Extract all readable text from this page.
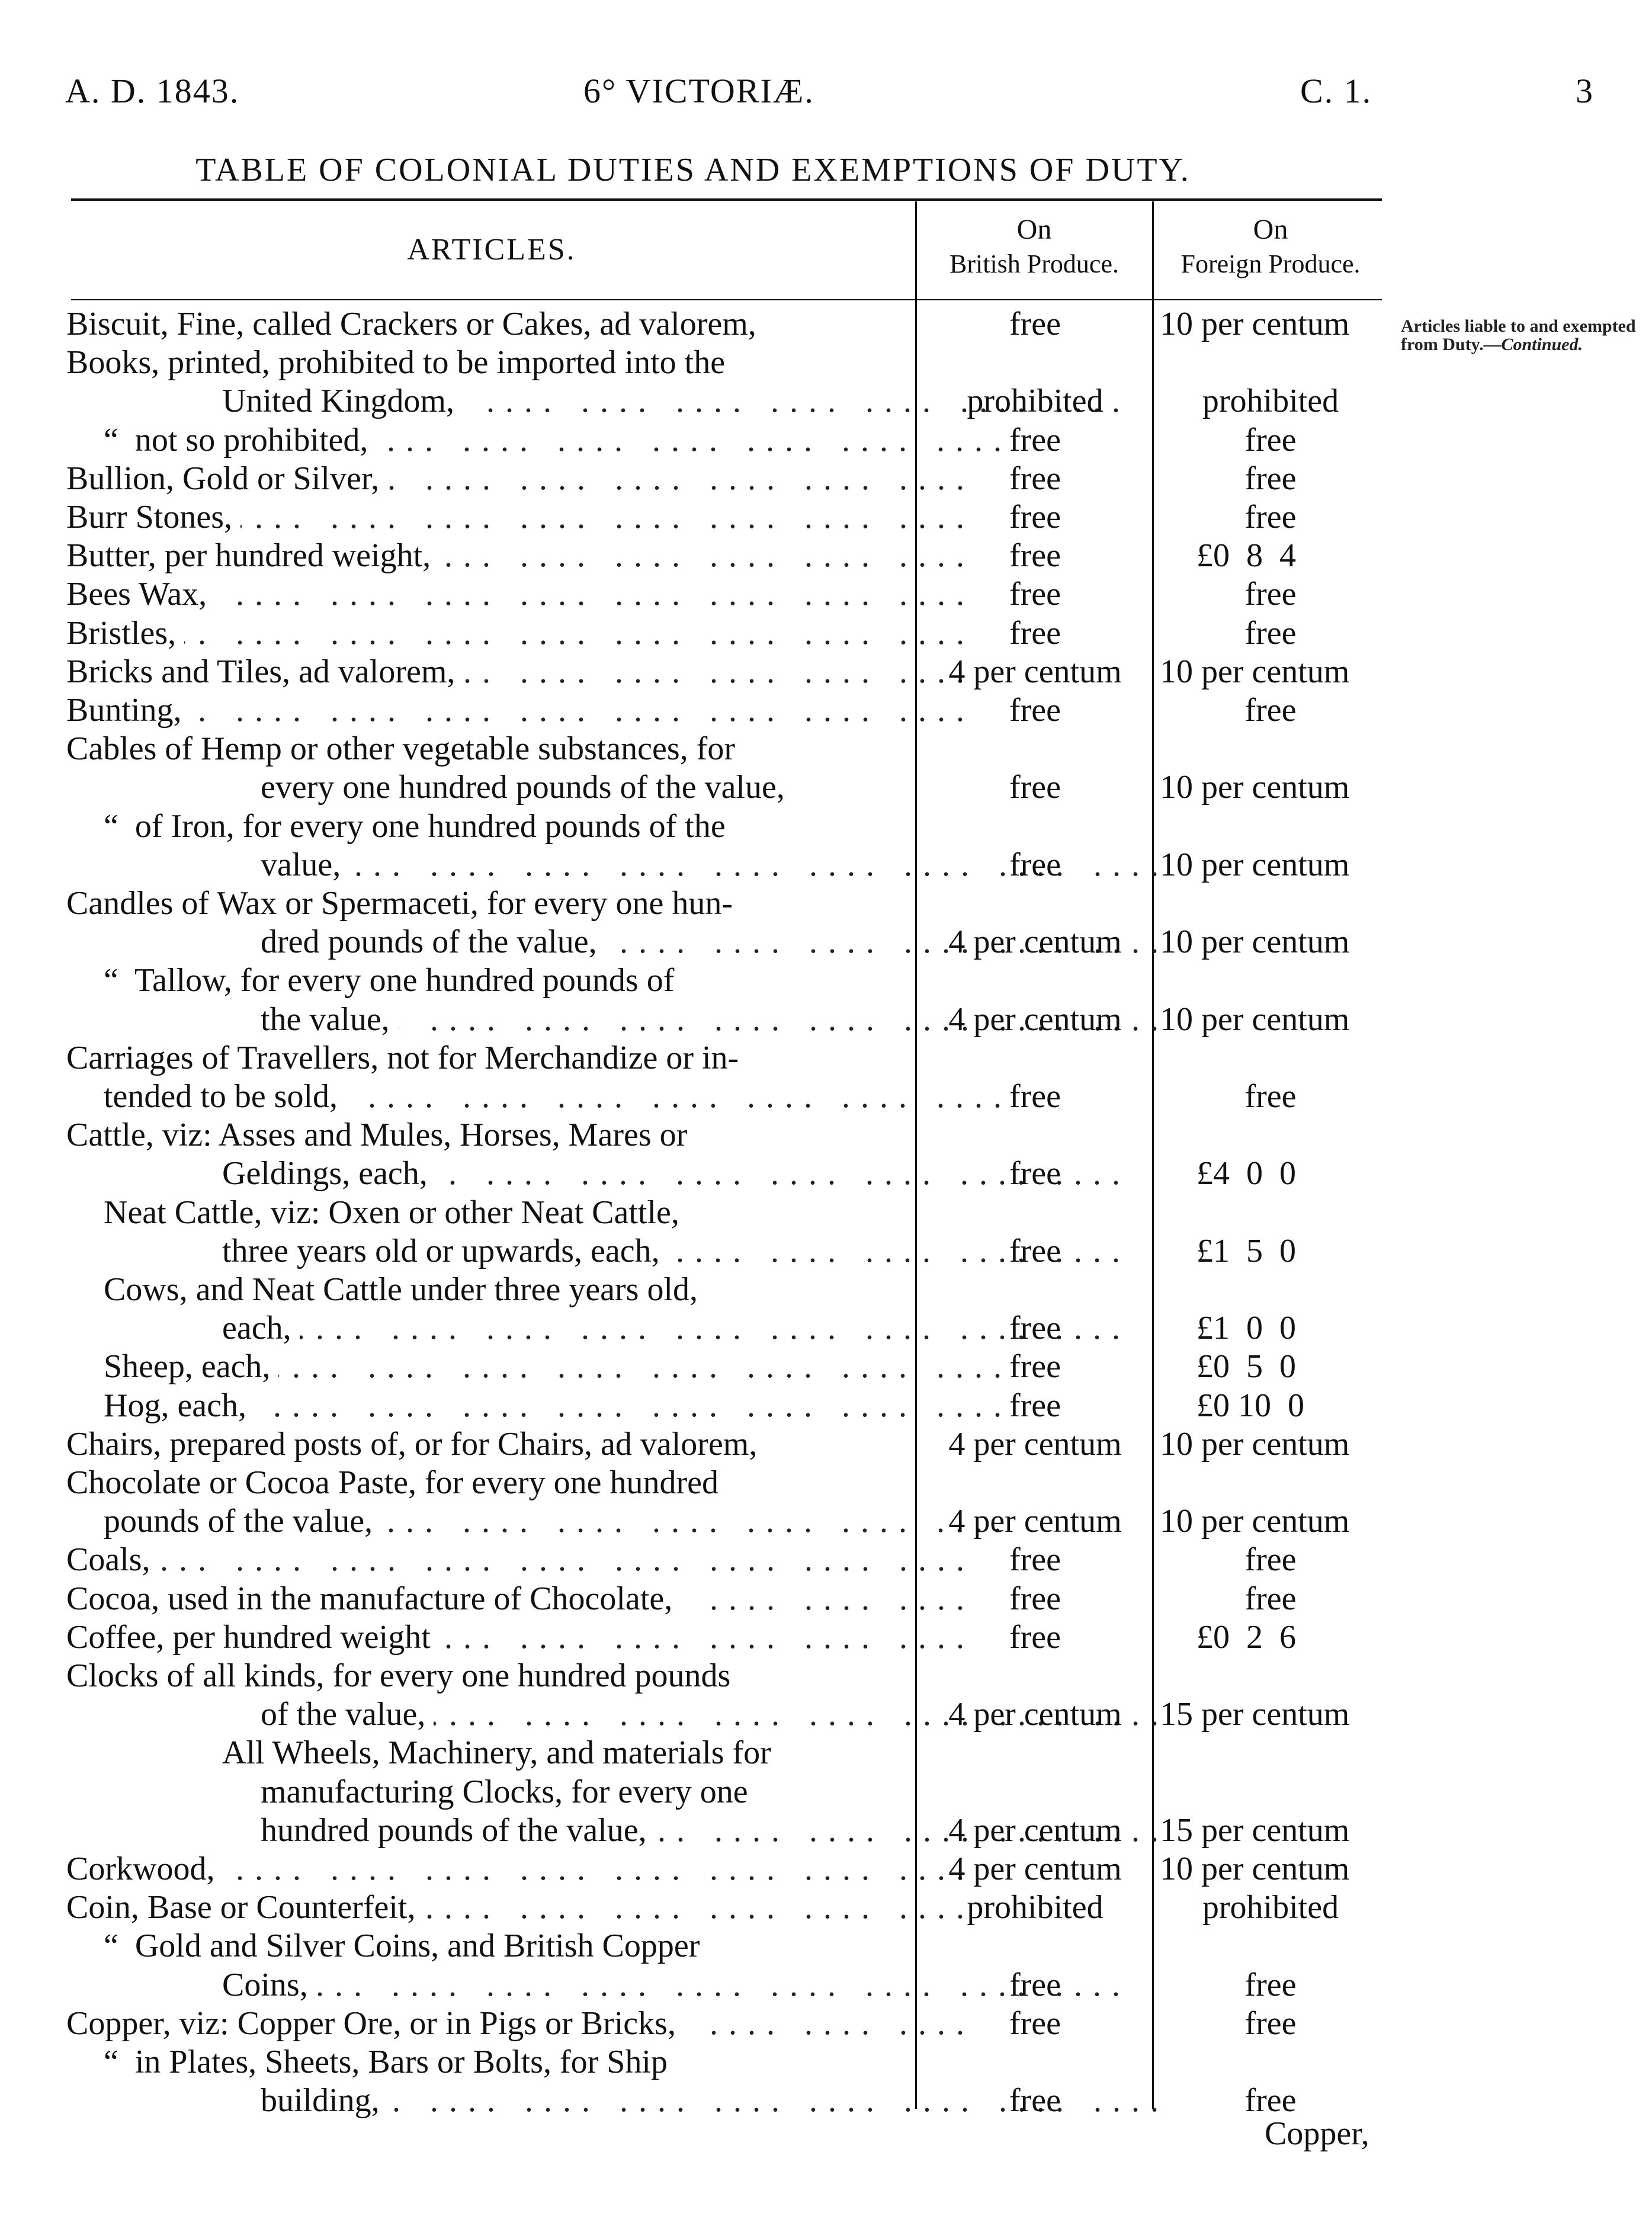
A. D. 1843.	6° VICTORIÆ.	C. 1.	3
TABLE OF COLONIAL DUTIES AND EXEMPTIONS OF DUTY.
ARTICLES.
On
British Produce.
On
Foreign Produce.
Articles liable to and exempted from Duty.—Continued.
Biscuit, Fine, called Crackers or Cakes, ad valorem,	free	10 per centum
Books, printed, prohibited to be imported into the
United Kingdom, ....	prohibited	prohibited
“  not so prohibited, ....	free	free
Bullion, Gold or Silver, ....	free	free
Burr Stones, ....	free	free
Butter, per hundred weight, ....	free	£0  8  4
Bees Wax, ....	free	free
Bristles, ....	free	free
Bricks and Tiles, ad valorem, ....	4 per centum	10 per centum
Bunting, ....	free	free
Cables of Hemp or other vegetable substances, for
every one hundred pounds of the value,	free	10 per centum
“  of Iron, for every one hundred pounds of the
value, ....	free	10 per centum
Candles of Wax or Spermaceti, for every one hun-
dred pounds of the value, ....	4 per centum	10 per centum
“  Tallow, for every one hundred pounds of
the value, ....	4 per centum	10 per centum
Carriages of Travellers, not for Merchandize or in-
tended to be sold, ....	free	free
Cattle, viz: Asses and Mules, Horses, Mares or
Geldings, each, ....	free	£4  0  0
Neat Cattle, viz: Oxen or other Neat Cattle,
three years old or upwards, each, ....	free	£1  5  0
Cows, and Neat Cattle under three years old,
each, ....	free	£1  0  0
Sheep, each, ....	free	£0  5  0
Hog, each, ....	free	£0 10  0
Chairs, prepared posts of, or for Chairs, ad valorem,	4 per centum	10 per centum
Chocolate or Cocoa Paste, for every one hundred
pounds of the value, ....	4 per centum	10 per centum
Coals, ....	free	free
Cocoa, used in the manufacture of Chocolate, ....	free	free
Coffee, per hundred weight ....	free	£0  2  6
Clocks of all kinds, for every one hundred pounds
of the value, ....	4 per centum	15 per centum
All Wheels, Machinery, and materials for
manufacturing Clocks, for every one
hundred pounds of the value, ....	4 per centum	15 per centum
Corkwood, ....	4 per centum	10 per centum
Coin, Base or Counterfeit, ....	prohibited	prohibited
“  Gold and Silver Coins, and British Copper
Coins, ....	free	free
Copper, viz: Copper Ore, or in Pigs or Bricks, ....	free	free
“  in Plates, Sheets, Bars or Bolts, for Ship
building, ....	free	free
Copper,
